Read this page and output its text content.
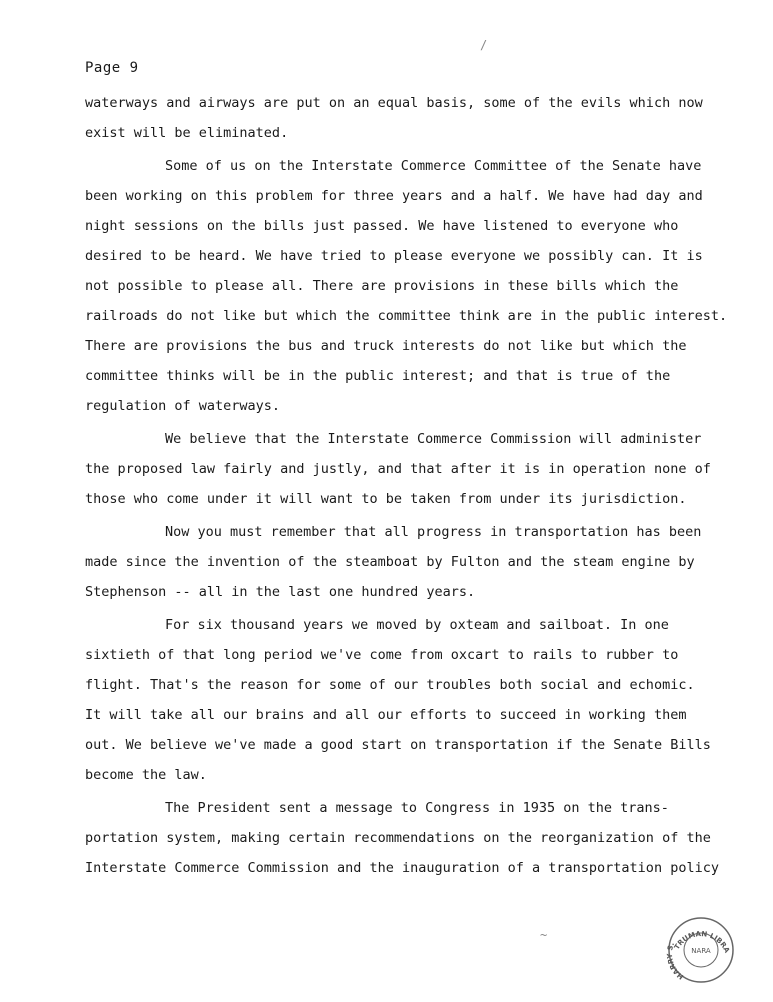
Page 9
waterways and airways are put on an equal basis, some of the evils which now
exist will be eliminated.
Some of us on the Interstate Commerce Committee of the Senate have
been working on this problem for three years and a half. We have had day and
night sessions on the bills just passed. We have listened to everyone who
desired to be heard. We have tried to please everyone we possibly can. It is
not possible to please all. There are provisions in these bills which the
railroads do not like but which the committee think are in the public interest.
There are provisions the bus and truck interests do not like but which the
committee thinks will be in the public interest; and that is true of the
regulation of waterways.
We believe that the Interstate Commerce Commission will administer
the proposed law fairly and justly, and that after it is in operation none of
those who come under it will want to be taken from under its jurisdiction.
Now you must remember that all progress in transportation has been
made since the invention of the steamboat by Fulton and the steam engine by
Stephenson -- all in the last one hundred years.
For six thousand years we moved by oxteam and sailboat. In one
sixtieth of that long period we've come from oxcart to rails to rubber to
flight. That's the reason for some of our troubles both social and echomic.
It will take all our brains and all our efforts to succeed in working them
out. We believe we've made a good start on transportation if the Senate Bills
become the law.
The President sent a message to Congress in 1935 on the trans-
portation system, making certain recommendations on the reorganization of the
Interstate Commerce Commission and the inauguration of a transportation policy
/
~
TRUMAN LIBRA
HARRY S.
NARA
